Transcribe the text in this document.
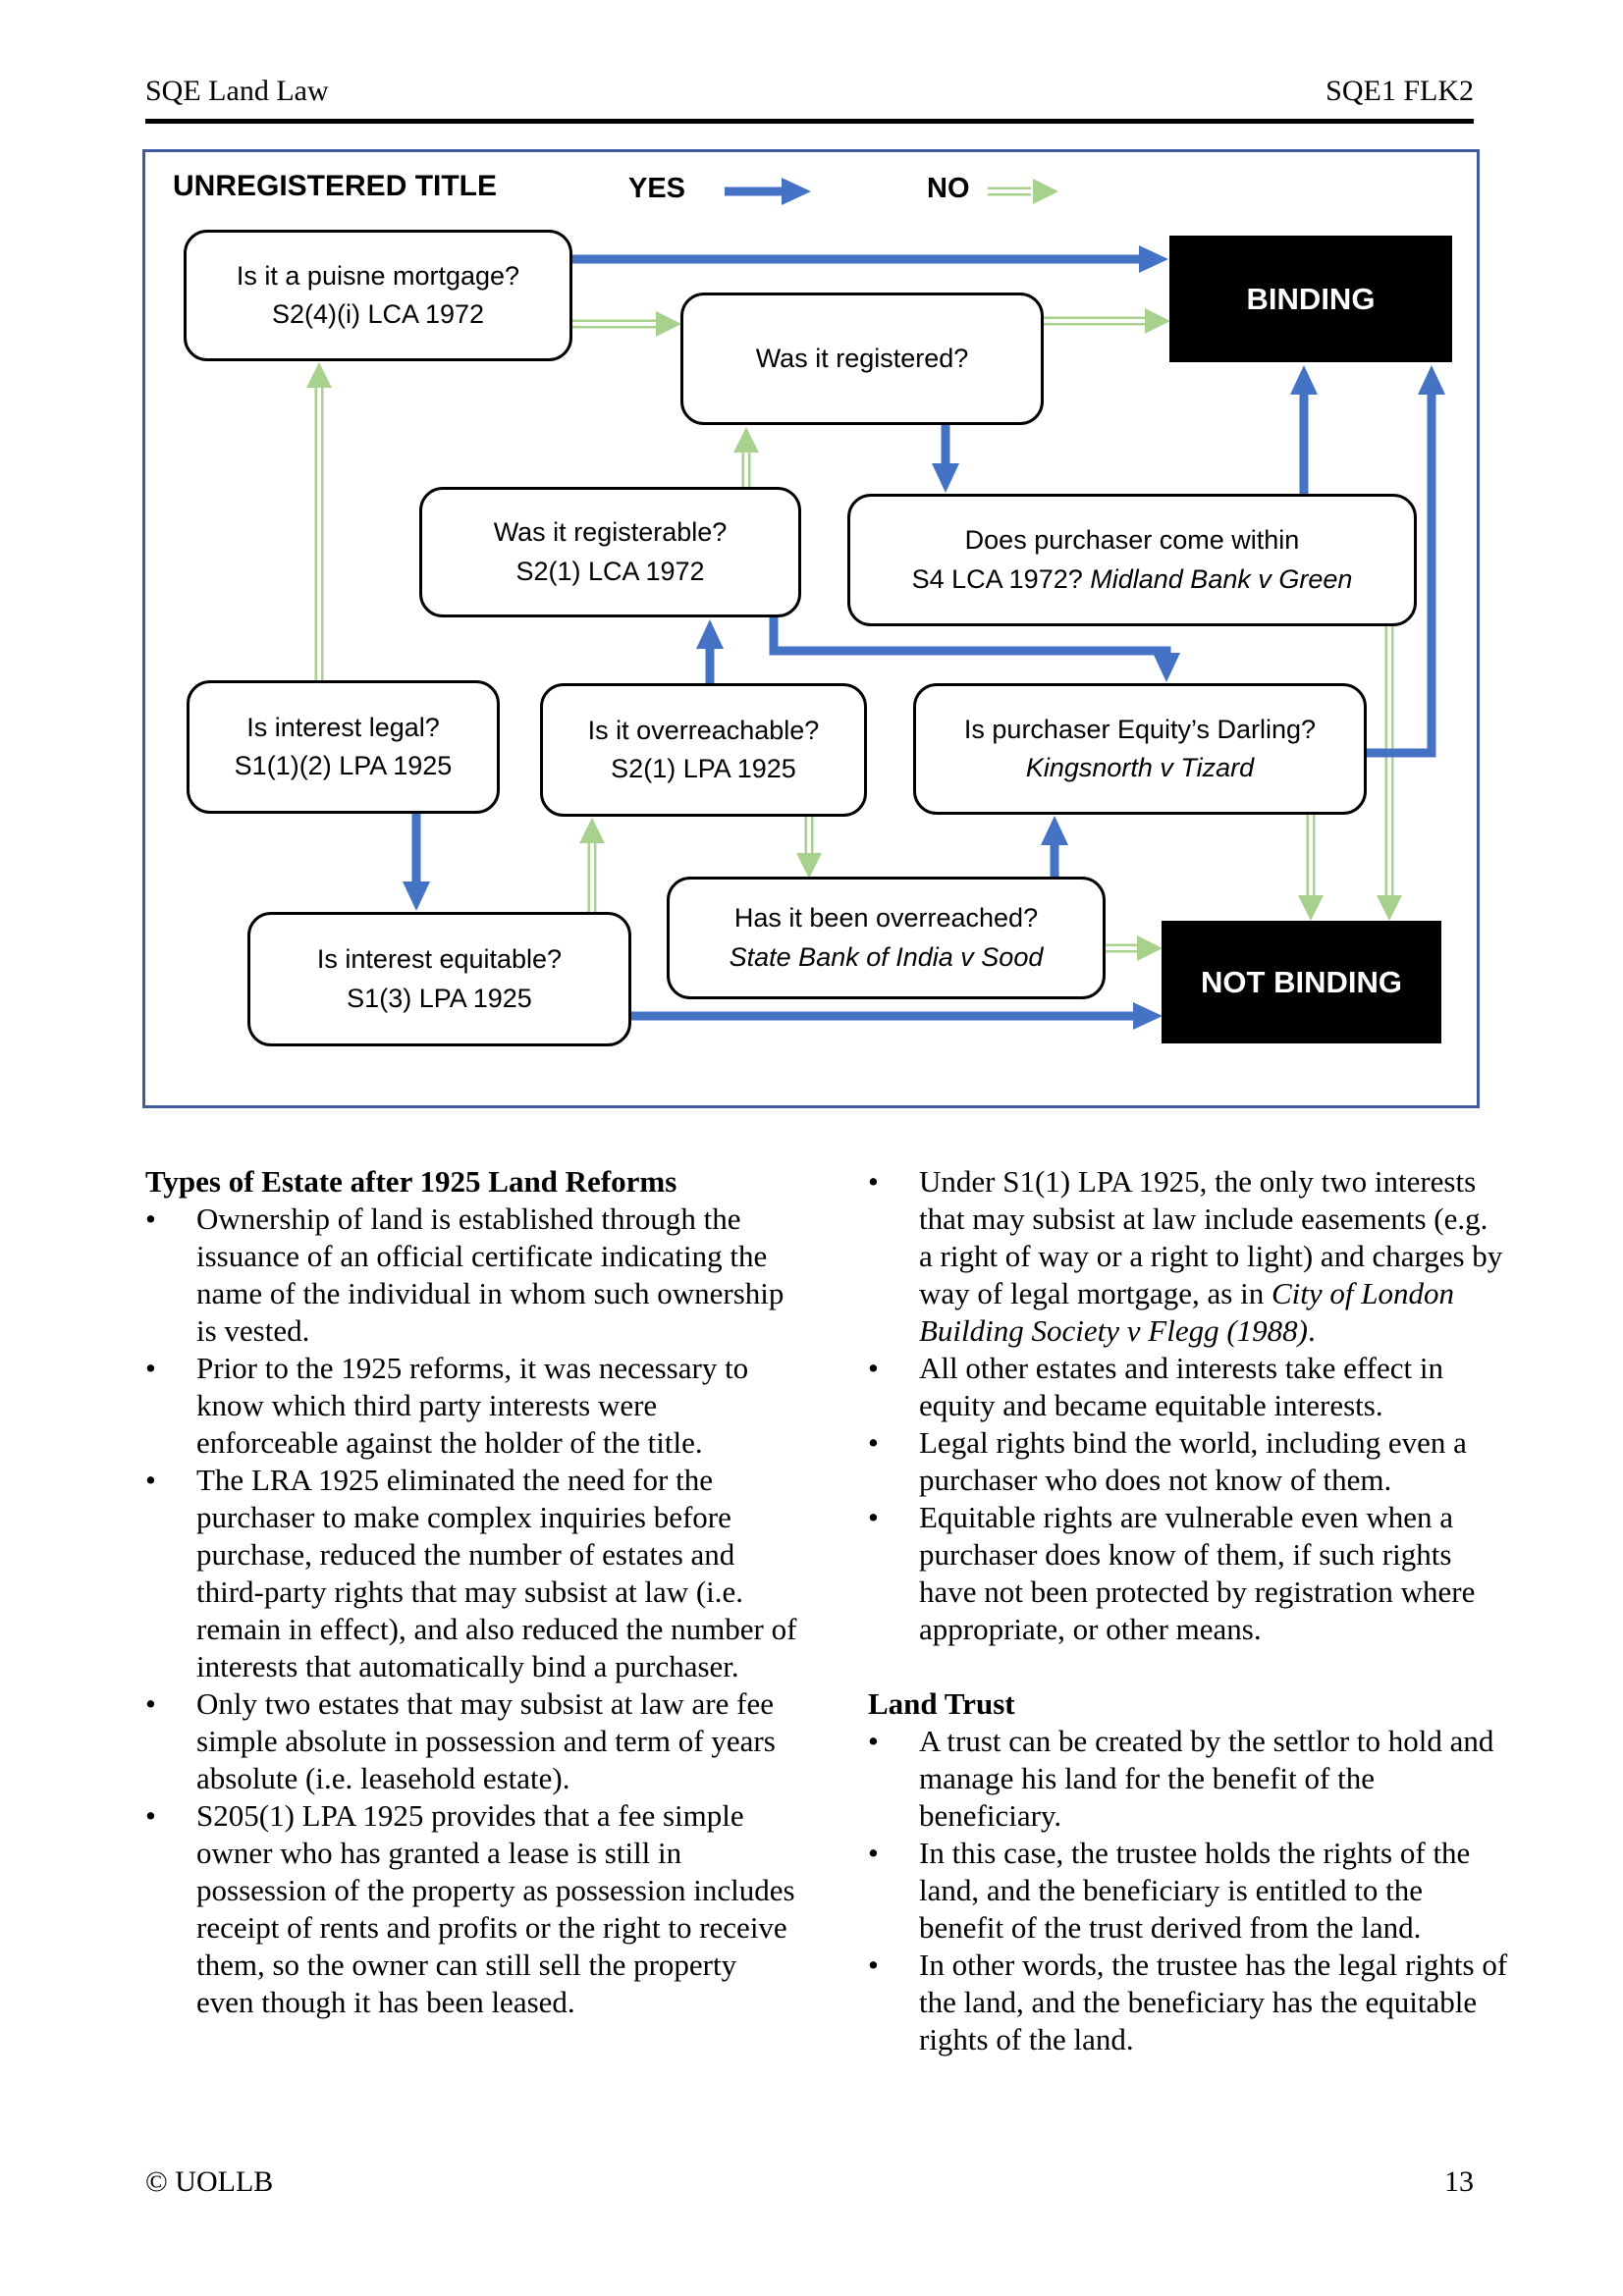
SQE Land Law	SQE1 FLK2
UNREGISTERED TITLE	YES	NO
Is it a puisne mortgage?
S2(4)(i) LCA 1972	BINDING
Was it registered?
Was it registerable?
S2(1) LCA 1972
Does purchaser come within
S4 LCA 1972? Midland Bank v Green
Is interest legal?
S1(1)(2) LPA 1925
Is it overreachable?
S2(1) LPA 1925
Is purchaser Equity’s Darling?
Kingsnorth v Tizard
Has it been overreached?
State Bank of India v Sood
Is interest equitable?
S1(3) LPA 1925	NOT BINDING
Types of Estate after 1925 Land Reforms
•	Ownership of land is established through the issuance of an official certificate indicating the name of the individual in whom such ownership is vested.
•	Prior to the 1925 reforms, it was necessary to know which third party interests were enforceable against the holder of the title.
•	The LRA 1925 eliminated the need for the purchaser to make complex inquiries before purchase, reduced the number of estates and third-party rights that may subsist at law (i.e. remain in effect), and also reduced the number of interests that automatically bind a purchaser.
•	Only two estates that may subsist at law are fee simple absolute in possession and term of years absolute (i.e. leasehold estate).
•	S205(1) LPA 1925 provides that a fee simple owner who has granted a lease is still in possession of the property as possession includes receipt of rents and profits or the right to receive them, so the owner can still sell the property even though it has been leased.
•	Under S1(1) LPA 1925, the only two interests that may subsist at law include easements (e.g. a right of way or a right to light) and charges by way of legal mortgage, as in City of London Building Society v Flegg (1988).
•	All other estates and interests take effect in equity and became equitable interests.
•	Legal rights bind the world, including even a purchaser who does not know of them.
•	Equitable rights are vulnerable even when a purchaser does know of them, if such rights have not been protected by registration where appropriate, or other means.
Land Trust
•	A trust can be created by the settlor to hold and manage his land for the benefit of the beneficiary.
•	In this case, the trustee holds the rights of the land, and the beneficiary is entitled to the benefit of the trust derived from the land.
•	In other words, the trustee has the legal rights of the land, and the beneficiary has the equitable rights of the land.
© UOLLB	13
